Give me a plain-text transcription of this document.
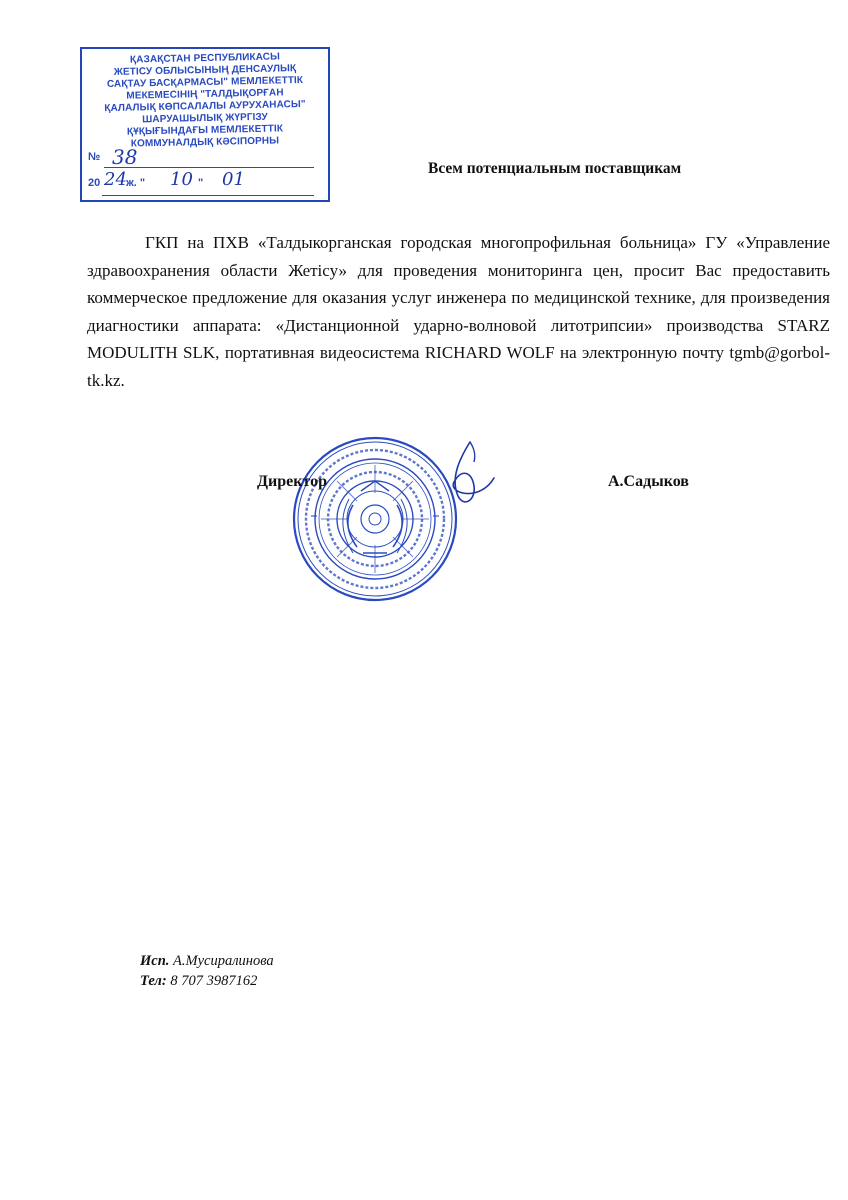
ҚАЗАҚСТАН РЕСПУБЛИКАСЫ
ЖЕТІСУ ОБЛЫСЫНЫҢ ДЕНСАУЛЫҚ
САҚТАУ БАСҚАРМАСЫ" МЕМЛЕКЕТТІК
МЕКЕМЕСІНІҢ "ТАЛДЫҚОРҒАН
ҚАЛАЛЫҚ КӨПСАЛАЛЫ АУРУХАНАСЫ"
ШАРУАШЫЛЫҚ ЖҮРГІЗУ
ҚҰҚЫҒЫНДАҒЫ МЕМЛЕКЕТТІК
КОММУНАЛДЫҚ КӘСІПОРНЫ
№ 38
20 24 ж. " 10 " 01
Всем потенциальным поставщикам

ГКП на ПХВ «Талдыкорганская городская многопрофильная больница» ГУ «Управление здравоохранения области Жетiсу» для проведения мониторинга цен, просит Вас предоставить коммерческое предложение для оказания услуг инженера по медицинской технике, для произведения диагностики аппарата: «Дистанционной ударно-волновой литотрипсии» производства STARZ MODULITH SLK, портативная видеосистема RICHARD WOLF на электронную почту tgmb@gorbol-tk.kz.

Директор	А.Садыков
Исп. А.Мусиралинова
Тел: 8 707 3987162
